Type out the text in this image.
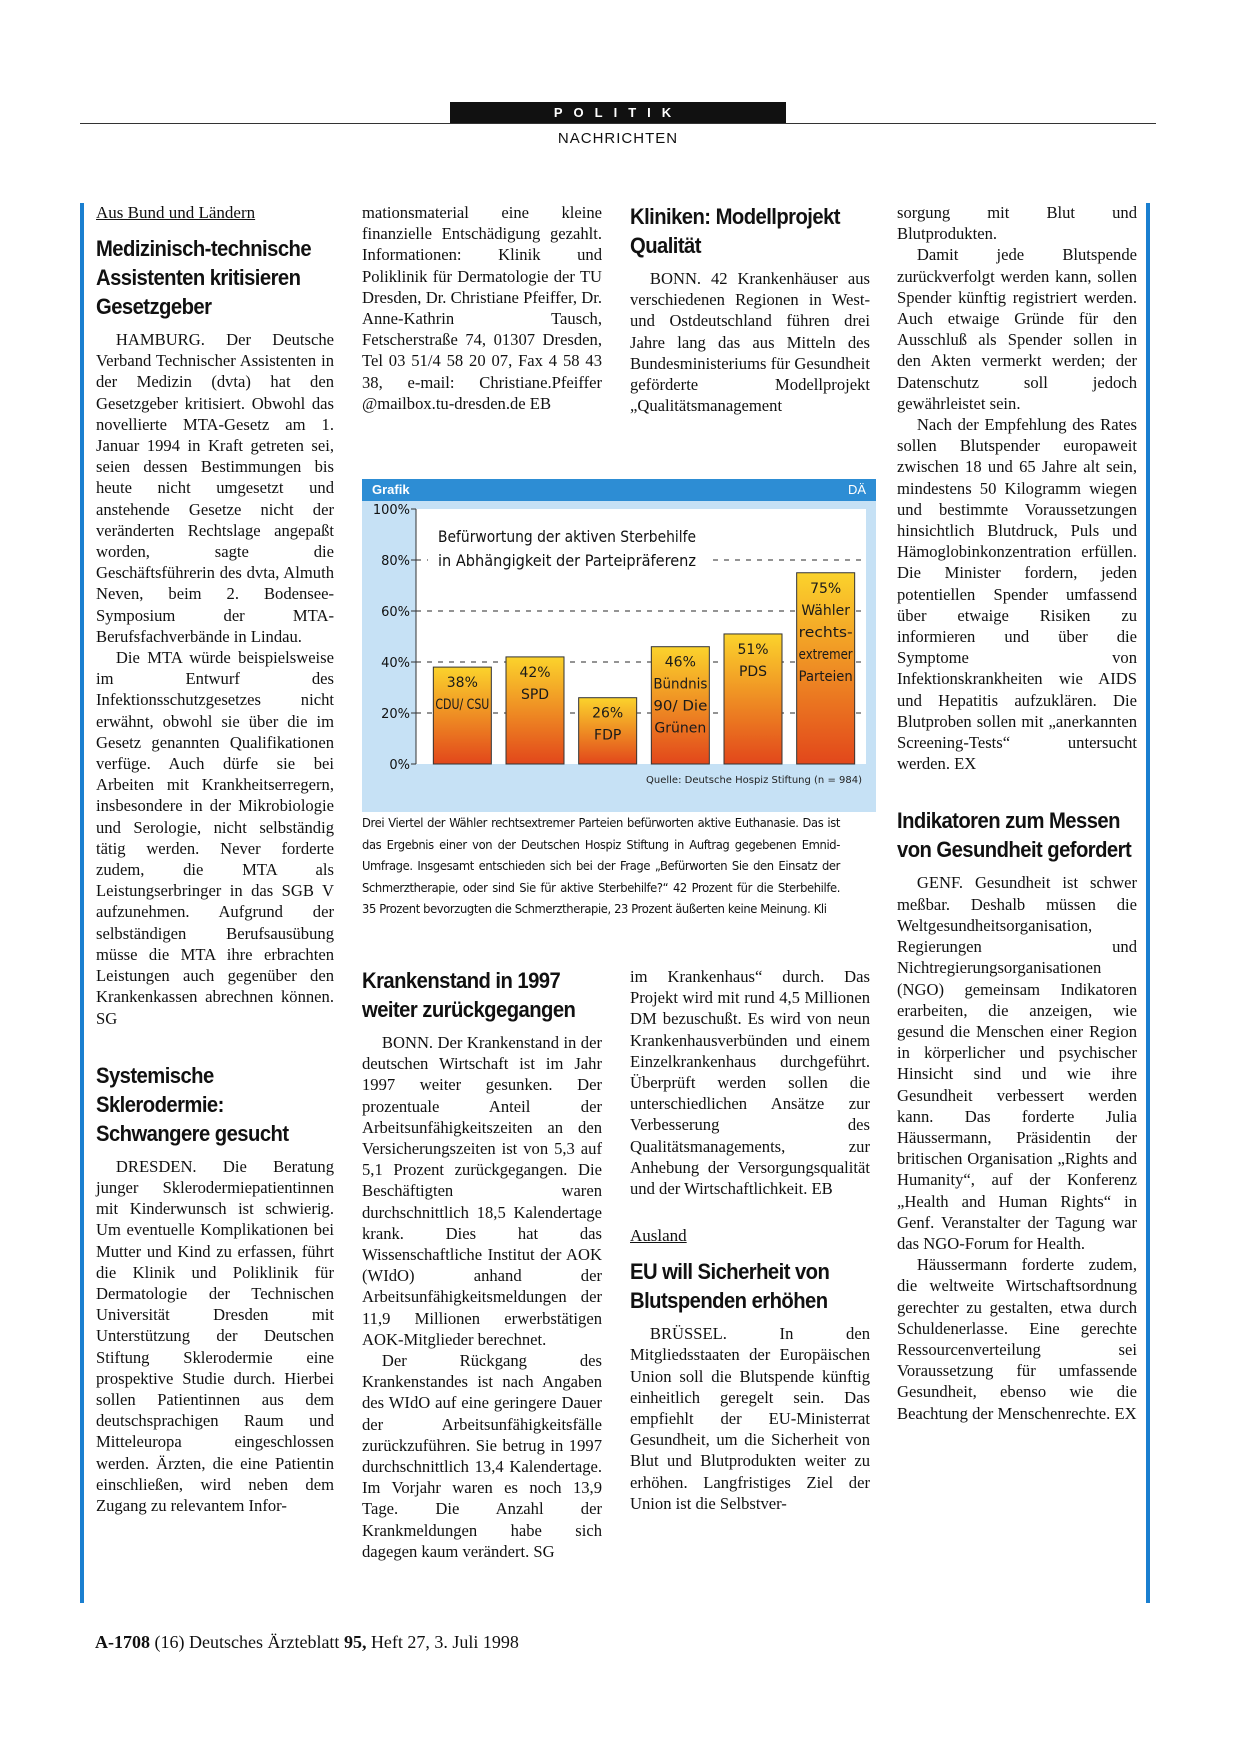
POLITIK
NACHRICHTEN
Aus Bund und Ländern
Medizinisch-technische Assistenten kritisieren Gesetzgeber

HAMBURG. Der Deutsche Verband Technischer Assistenten in der Medizin (dvta) hat den Gesetzgeber kritisiert. Obwohl das novellierte MTA-Gesetz am 1. Januar 1994 in Kraft getreten sei, seien dessen Bestimmungen bis heute nicht umgesetzt und anstehende Gesetze nicht der veränderten Rechtslage angepaßt worden, sagte die Geschäftsführerin des dvta, Almuth Neven, beim 2. Bodensee-Symposium der MTA-Berufsfachverbände in Lindau.

Die MTA würde beispielsweise im Entwurf des Infektionsschutzgesetzes nicht erwähnt, obwohl sie über die im Gesetz genannten Qualifikationen verfüge. Auch dürfe sie bei Arbeiten mit Krankheitserregern, insbesondere in der Mikrobiologie und Serologie, nicht selbständig tätig werden. Never forderte zudem, die MTA als Leistungserbringer in das SGB V aufzunehmen. Aufgrund der selbständigen Berufsausübung müsse die MTA ihre erbrachten Leistungen auch gegenüber den Krankenkassen abrechnen können. SG

Systemische Sklerodermie: Schwangere gesucht

DRESDEN. Die Beratung junger Sklerodermiepatientinnen mit Kinderwunsch ist schwierig. Um eventuelle Komplikationen bei Mutter und Kind zu erfassen, führt die Klinik und Poliklinik für Dermatologie der Technischen Universität Dresden mit Unterstützung der Deutschen Stiftung Sklerodermie eine prospektive Studie durch. Hierbei sollen Patientinnen aus dem deutschsprachigen Raum und Mitteleuropa eingeschlossen werden. Ärzten, die eine Patientin einschließen, wird neben dem Zugang zu relevantem Infor-

mationsmaterial eine kleine finanzielle Entschädigung gezahlt. Informationen: Klinik und Poliklinik für Dermatologie der TU Dresden, Dr. Christiane Pfeiffer, Dr. Anne-Kathrin Tausch, Fetscherstraße 74, 01307 Dresden, Tel 03 51/4 58 20 07, Fax 4 58 43 38, e-mail: Christiane.Pfeiffer @mailbox.tu-dresden.de EB

Kliniken: Modellprojekt Qualität

BONN. 42 Krankenhäuser aus verschiedenen Regionen in West- und Ostdeutschland führen drei Jahre lang das aus Mitteln des Bundesministeriums für Gesundheit geförderte Modellprojekt „Qualitätsmanagement

Grafik	DÄ
0%
20%
40%
60%
80%
100%
38%
CDU/ CSU
42%
SPD
26%
FDP
46%
Bündnis
90/ Die
Grünen
51%
PDS
75%
Wähler
rechts-
extremer
Parteien
Befürwortung der aktiven Sterbehilfe
in Abhängigkeit der Parteipräferenz
Quelle: Deutsche Hospiz Stiftung (n = 984)
Drei Viertel der Wähler rechtsextremer Parteien befürworten aktive Euthanasie. Das ist das Ergebnis einer von der Deutschen Hospiz Stiftung in Auftrag gegebenen Emnid-Umfrage. Insgesamt entschieden sich bei der Frage „Befürworten Sie den Einsatz der Schmerztherapie, oder sind Sie für aktive Sterbehilfe?“ 42 Prozent für die Sterbehilfe. 35 Prozent bevorzugten die Schmerztherapie, 23 Prozent äußerten keine Meinung. Kli
Krankenstand in 1997 weiter zurückgegangen

BONN. Der Krankenstand in der deutschen Wirtschaft ist im Jahr 1997 weiter gesunken. Der prozentuale Anteil der Arbeitsunfähigkeitszeiten an den Versicherungszeiten ist von 5,3 auf 5,1 Prozent zurückgegangen. Die Beschäftigten waren durchschnittlich 18,5 Kalendertage krank. Dies hat das Wissenschaftliche Institut der AOK (WIdO) anhand der Arbeitsunfähigkeitsmeldungen der 11,9 Millionen erwerbstätigen AOK-Mitglieder berechnet.

Der Rückgang des Krankenstandes ist nach Angaben des WIdO auf eine geringere Dauer der Arbeitsunfähigkeitsfälle zurückzuführen. Sie betrug in 1997 durchschnittlich 13,4 Kalendertage. Im Vorjahr waren es noch 13,9 Tage. Die Anzahl der Krankmeldungen habe sich dagegen kaum verändert. SG

im Krankenhaus“ durch. Das Projekt wird mit rund 4,5 Millionen DM bezuschußt. Es wird von neun Krankenhausverbünden und einem Einzelkrankenhaus durchgeführt. Überprüft werden sollen die unterschiedlichen Ansätze zur Verbesserung des Qualitätsmanagements, zur Anhebung der Versorgungsqualität und der Wirtschaftlichkeit. EB

Ausland
EU will Sicherheit von Blutspenden erhöhen

BRÜSSEL. In den Mitgliedsstaaten der Europäischen Union soll die Blutspende künftig einheitlich geregelt sein. Das empfiehlt der EU-Ministerrat Gesundheit, um die Sicherheit von Blut und Blutprodukten weiter zu erhöhen. Langfristiges Ziel der Union ist die Selbstver-

sorgung mit Blut und Blutprodukten.

Damit jede Blutspende zurückverfolgt werden kann, sollen Spender künftig registriert werden. Auch etwaige Gründe für den Ausschluß als Spender sollen in den Akten vermerkt werden; der Datenschutz soll jedoch gewährleistet sein.

Nach der Empfehlung des Rates sollen Blutspender europaweit zwischen 18 und 65 Jahre alt sein, mindestens 50 Kilogramm wiegen und bestimmte Voraussetzungen hinsichtlich Blutdruck, Puls und Hämoglobinkonzentration erfüllen. Die Minister fordern, jeden potentiellen Spender umfassend über etwaige Risiken zu informieren und über die Symptome von Infektionskrankheiten wie AIDS und Hepatitis aufzuklären. Die Blutproben sollen mit „anerkannten Screening-Tests“ untersucht werden. EX

Indikatoren zum Messen von Gesundheit gefordert

GENF. Gesundheit ist schwer meßbar. Deshalb müssen die Weltgesundheitsorganisation, Regierungen und Nichtregierungsorganisationen (NGO) gemeinsam Indikatoren erarbeiten, die anzeigen, wie gesund die Menschen einer Region in körperlicher und psychischer Hinsicht sind und wie ihre Gesundheit verbessert werden kann. Das forderte Julia Häussermann, Präsidentin der britischen Organisation „Rights and Humanity“, auf der Konferenz „Health and Human Rights“ in Genf. Veranstalter der Tagung war das NGO-Forum for Health.

Häussermann forderte zudem, die weltweite Wirtschaftsordnung gerechter zu gestalten, etwa durch Schuldenerlasse. Eine gerechte Ressourcenverteilung sei Voraussetzung für umfassende Gesundheit, ebenso wie die Beachtung der Menschenrechte. EX

A-1708 (16) Deutsches Ärzteblatt 95, Heft 27, 3. Juli 1998
